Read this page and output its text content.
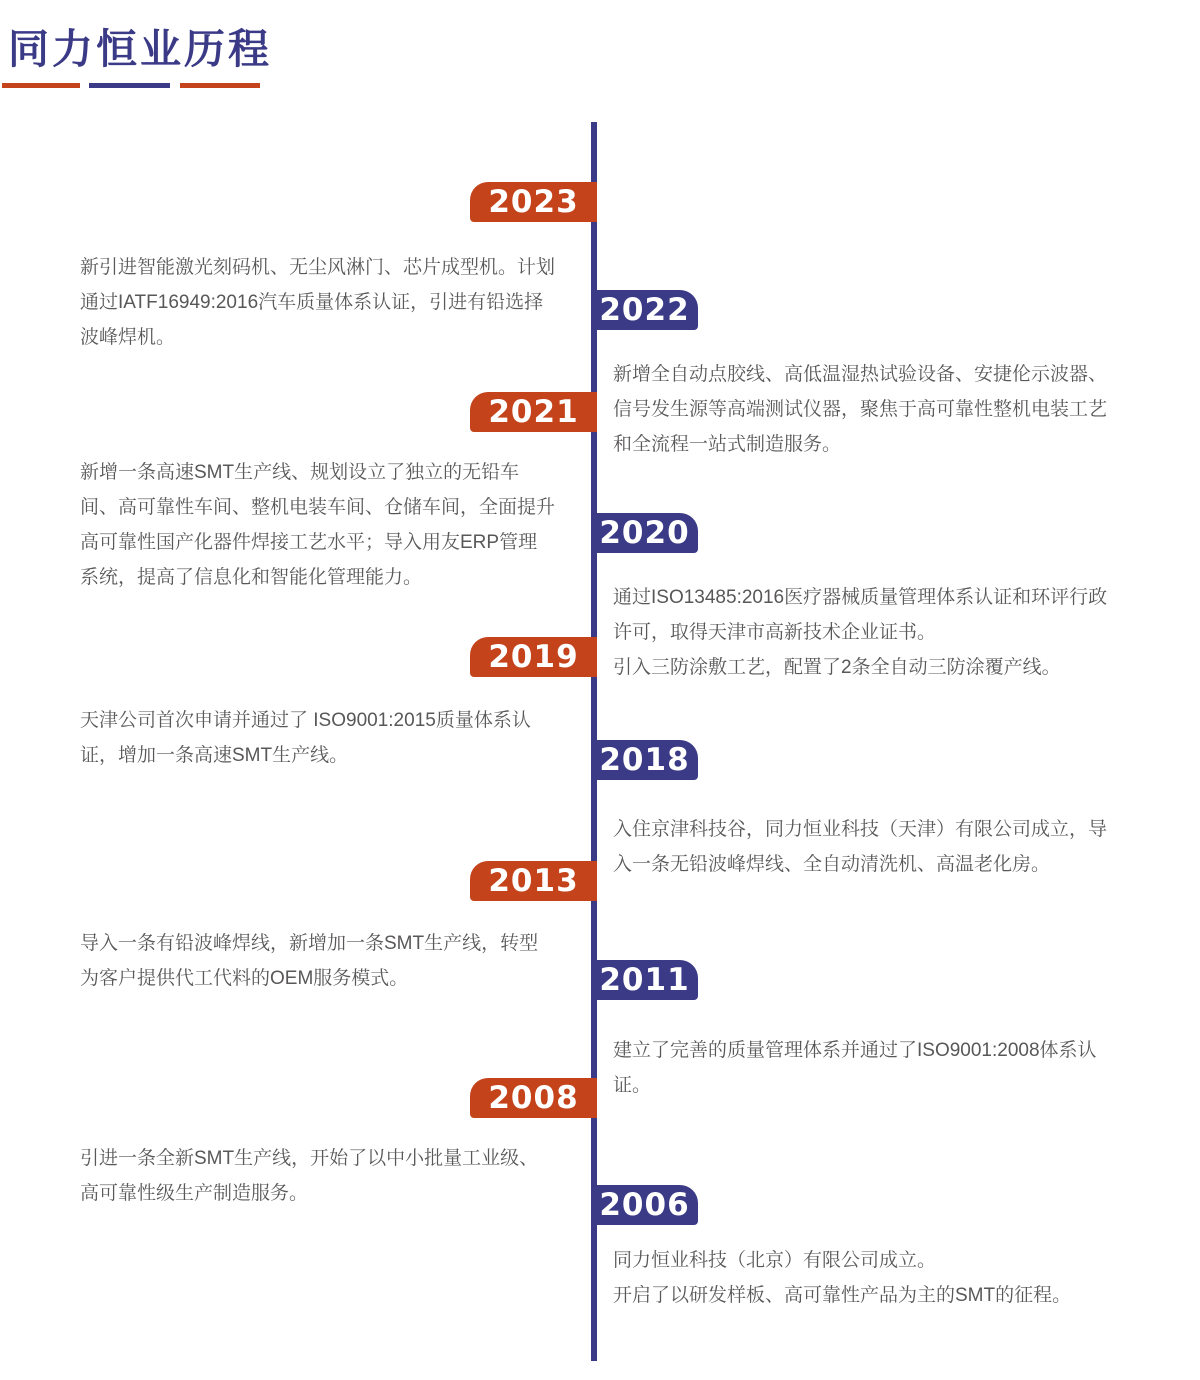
同力恒业历程
2023
新引进智能激光刻码机、无尘风淋门、芯片成型机。计划通过IATF16949:2016汽车质量体系认证，引进有铅选择波峰焊机。
2022
新增全自动点胶线、高低温湿热试验设备、安捷伦示波器、信号发生源等高端测试仪器，聚焦于高可靠性整机电装工艺和全流程一站式制造服务。
2021
新增一条高速SMT生产线、规划设立了独立的无铅车间、高可靠性车间、整机电装车间、仓储车间，全面提升高可靠性国产化器件焊接工艺水平；导入用友ERP管理系统，提高了信息化和智能化管理能力。
2020
通过ISO13485:2016医疗器械质量管理体系认证和环评行政许可，取得天津市高新技术企业证书。
引入三防涂敷工艺，配置了2条全自动三防涂覆产线。
2019
天津公司首次申请并通过了 ISO9001:2015质量体系认证，增加一条高速SMT生产线。	2018
入住京津科技谷，同力恒业科技（天津）有限公司成立，导入一条无铅波峰焊线、全自动清洗机、高温老化房。
2013
导入一条有铅波峰焊线，新增加一条SMT生产线，转型为客户提供代工代料的OEM服务模式。	2011
建立了完善的质量管理体系并通过了ISO9001:2008体系认证。
2008
引进一条全新SMT生产线，开始了以中小批量工业级、高可靠性级生产制造服务。	2006
同力恒业科技（北京）有限公司成立。
开启了以研发样板、高可靠性产品为主的SMT的征程。
